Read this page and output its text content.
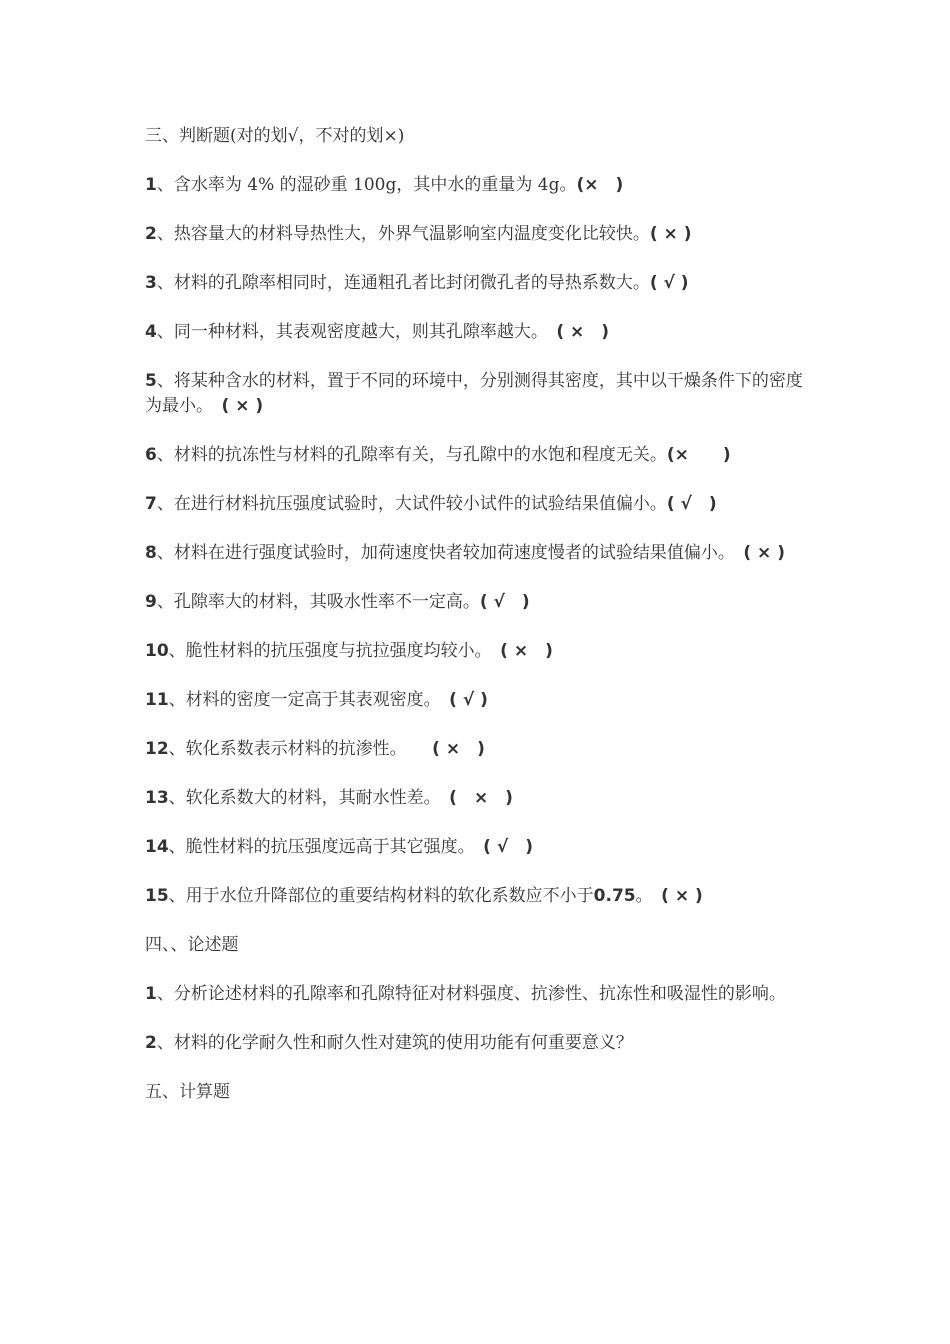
三、判断题(对的划√，不对的划×)

1、含水率为 4% 的湿砂重 100g，其中水的重量为 4g。(×　)

2、热容量大的材料导热性大，外界气温影响室内温度变化比较快。( × )

3、材料的孔隙率相同时，连通粗孔者比封闭微孔者的导热系数大。( √ )

4、同一种材料，其表观密度越大，则其孔隙率越大。　( ×　)

5、将某种含水的材料，置于不同的环境中，分别测得其密度，其中以干燥条件下的密度为最小。　( × )

6、材料的抗冻性与材料的孔隙率有关，与孔隙中的水饱和程度无关。(×　　)

7、在进行材料抗压强度试验时，大试件较小试件的试验结果值偏小。( √　)

8、材料在进行强度试验时，加荷速度快者较加荷速度慢者的试验结果值偏小。　( × )

9、孔隙率大的材料，其吸水性率不一定高。( √　)

10、脆性材料的抗压强度与抗拉强度均较小。　( ×　)

11、材料的密度一定高于其表观密度。　( √ )

12、软化系数表示材料的抗渗性。　　( ×　)

13、软化系数大的材料，其耐水性差。　(　×　)

14、脆性材料的抗压强度远高于其它强度。　( √　)

15、用于水位升降部位的重要结构材料的软化系数应不小于0.75。　( × )

四、、论述题

1、分析论述材料的孔隙率和孔隙特征对材料强度、抗渗性、抗冻性和吸湿性的影响。

2、材料的化学耐久性和耐久性对建筑的使用功能有何重要意义？

五、计算题
